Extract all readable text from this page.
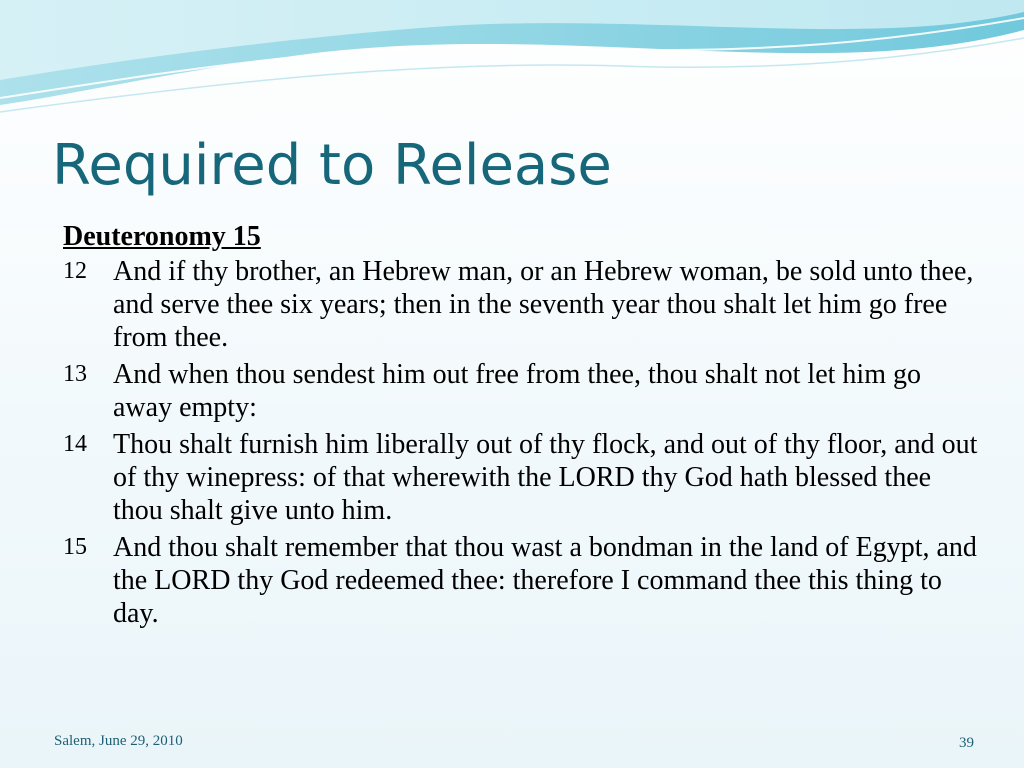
Required to Release
Deuteronomy 15
12 And if thy brother, an Hebrew man, or an Hebrew woman, be sold unto thee, and serve thee six years; then in the seventh year thou shalt let him go free from thee.
13 And when thou sendest him out free from thee, thou shalt not let him go away empty:
14 Thou shalt furnish him liberally out of thy flock, and out of thy floor, and out of thy winepress: of that wherewith the LORD thy God hath blessed thee thou shalt give unto him.
15 And thou shalt remember that thou wast a bondman in the land of Egypt, and the LORD thy God redeemed thee: therefore I command thee this thing to day.
Salem, June 29, 2010	39
